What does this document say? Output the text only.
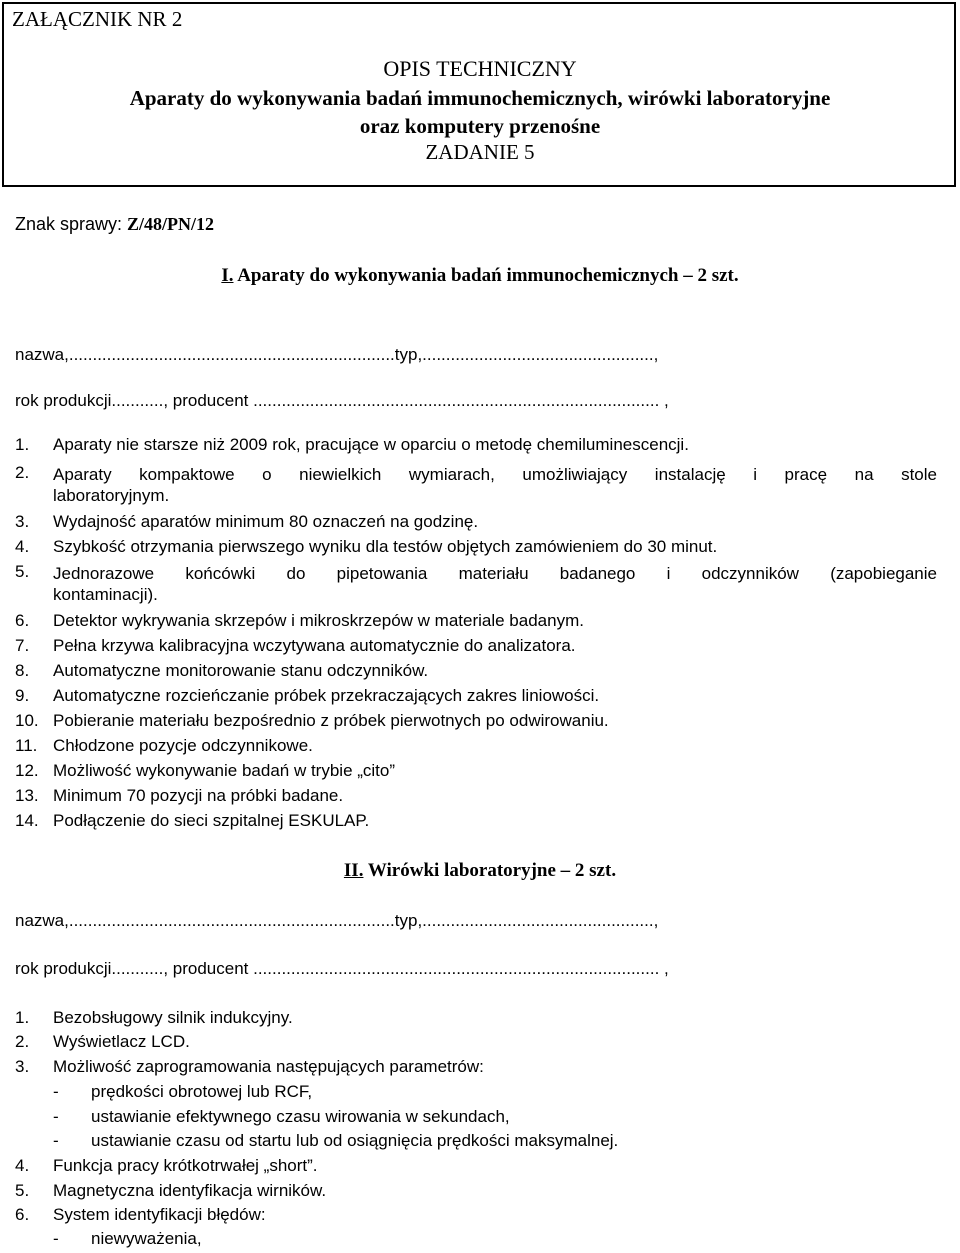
ZAŁĄCZNIK NR 2
OPIS TECHNICZNY
Aparaty do wykonywania badań immunochemicznych, wirówki laboratoryjne
oraz komputery przenośne
ZADANIE 5
Znak sprawy: Z/48/PN/12
I. Aparaty do wykonywania badań immunochemicznych – 2 szt.
nazwa,.....................................................................typ,.................................................,
rok produkcji..........., producent ...................................................................................... ,
1. Aparaty nie starsze niż 2009 rok, pracujące w oparciu o metodę chemiluminescencji.
2. Aparaty kompaktowe o niewielkich wymiarach, umożliwiający instalację i pracę na stole
laboratoryjnym.
3. Wydajność aparatów minimum 80 oznaczeń na godzinę.
4. Szybkość otrzymania pierwszego wyniku dla testów objętych zamówieniem do 30 minut.
5. Jednorazowe końcówki do pipetowania materiału badanego i odczynników (zapobieganie
kontaminacji).
6. Detektor wykrywania skrzepów i mikroskrzepów w materiale badanym.
7. Pełna krzywa kalibracyjna wczytywana automatycznie do analizatora.
8. Automatyczne monitorowanie stanu odczynników.
9. Automatyczne rozcieńczanie próbek przekraczających zakres liniowości.
10. Pobieranie materiału bezpośrednio z próbek pierwotnych po odwirowaniu.
11. Chłodzone pozycje odczynnikowe.
12. Możliwość wykonywanie badań w trybie „cito”
13. Minimum 70 pozycji na próbki badane.
14. Podłączenie do sieci szpitalnej ESKULAP.
II. Wirówki laboratoryjne – 2 szt.
nazwa,.....................................................................typ,.................................................,
rok produkcji..........., producent ...................................................................................... ,
1. Bezobsługowy silnik indukcyjny.
2. Wyświetlacz LCD.
3. Możliwość zaprogramowania następujących parametrów:
- prędkości obrotowej lub RCF,
- ustawianie efektywnego czasu wirowania w sekundach,
- ustawianie czasu od startu lub od osiągnięcia prędkości maksymalnej.
4. Funkcja pracy krótkotrwałej „short”.
5. Magnetyczna identyfikacja wirników.
6. System identyfikacji błędów:
- niewyważenia,
